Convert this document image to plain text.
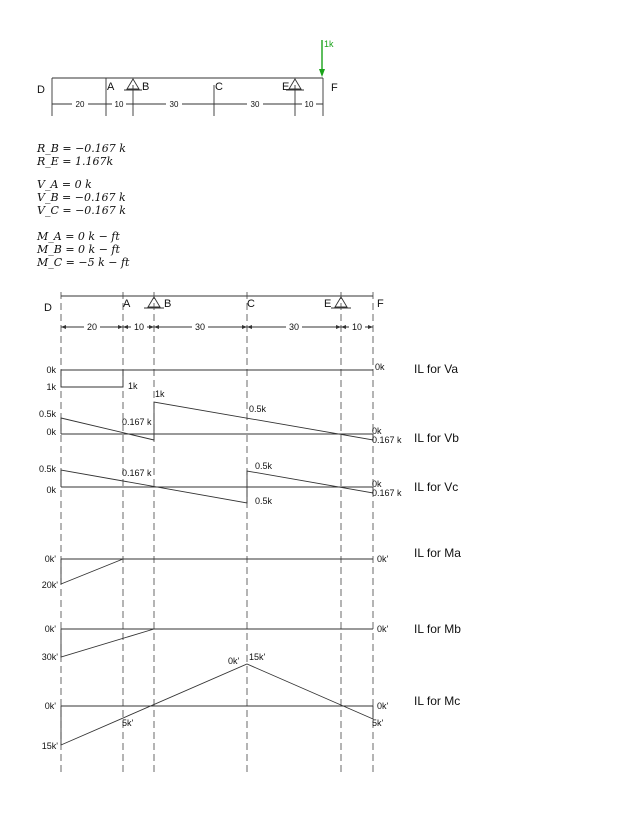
20	10	30	30	10
D	A	B	C	E	F
1k
R_B = −0.167 k
R_E = 1.167k
V_A = 0 k
V_B = −0.167 k
V_C = −0.167 k
M_A = 0 k − ft
M_B = 0 k − ft
M_C = −5 k − ft
20	10	30	30	10
D	A	B	C	E	F
0k
1k	1k
1k
0k IL for Va
0.5k
0k
0.167 k
0.5k
0k
0.167 k IL for Vb
0.5k
0k
0.167 k
0.5k
0.5k
0k
0.167 k IL for Vc
0k'
20k'
0k' IL for Ma
0k'
30k'
0k' IL for Mb
0k'
15k'
0k' 15k'
5k'
0k'
5k'
IL for Mc
